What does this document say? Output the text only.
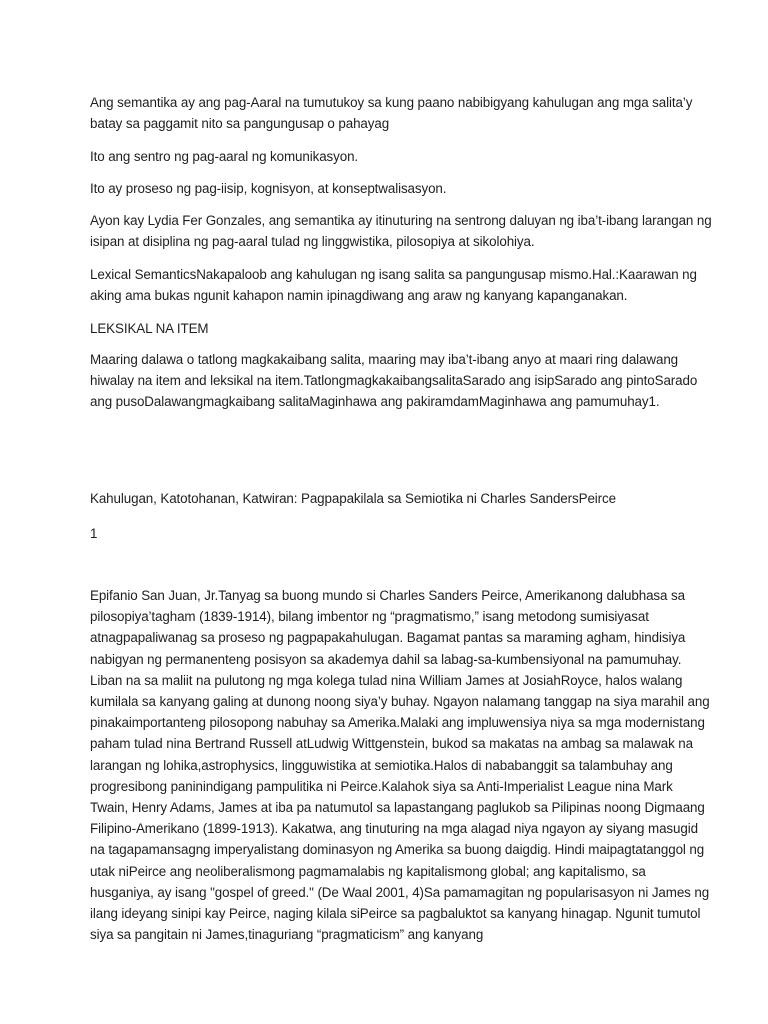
Ang semantika ay ang pag-Aaral na tumutukoy sa kung paano nabibigyang kahulugan ang mga salita’y batay sa paggamit nito sa pangungusap o pahayag

Ito ang sentro ng pag-aaral ng komunikasyon.

Ito ay proseso ng pag-iisip, kognisyon, at konseptwalisasyon.

Ayon kay Lydia Fer Gonzales, ang semantika ay itinuturing na sentrong daluyan ng iba’t-ibang larangan ng isipan at disiplina ng pag-aaral tulad ng linggwistika, pilosopiya at sikolohiya.

Lexical SemanticsNakapaloob ang kahulugan ng isang salita sa pangungusap mismo.Hal.:Kaarawan ng aking ama bukas ngunit kahapon namin ipinagdiwang ang araw ng kanyang kapanganakan.

LEKSIKAL NA ITEM

Maaring dalawa o tatlong magkakaibang salita, maaring may iba’t-ibang anyo at maari ring dalawang hiwalay na item and leksikal na item.TatlongmagkakaibangsalitaSarado ang isipSarado ang pintoSarado ang pusoDalawangmagkaibang salitaMaginhawa ang pakiramdamMaginhawa ang pamumuhay1.

Kahulugan, Katotohanan, Katwiran: Pagpapakilala sa Semiotika ni Charles SandersPeirce

1

Epifanio San Juan, Jr.Tanyag sa buong mundo si Charles Sanders Peirce, Amerikanong dalubhasa sa pilosopiya’tagham (1839-1914), bilang imbentor ng “pragmatismo,” isang metodong sumisiyasat atnagpapaliwanag sa proseso ng pagpapakahulugan. Bagamat pantas sa maraming agham, hindisiya nabigyan ng permanenteng posisyon sa akademya dahil sa labag-sa-kumbensiyonal na pamumuhay. Liban na sa maliit na pulutong ng mga kolega tulad nina William James at JosiahRoyce, halos walang kumilala sa kanyang galing at dunong noong siya’y buhay. Ngayon nalamang tanggap na siya marahil ang pinakaimportanteng pilosopong nabuhay sa Amerika.Malaki ang impluwensiya niya sa mga modernistang paham tulad nina Bertrand Russell atLudwig Wittgenstein, bukod sa makatas na ambag sa malawak na larangan ng lohika,astrophysics, lingguwistika at semiotika.Halos di nababanggit sa talambuhay ang progresibong paninindigang pampulitika ni Peirce.Kalahok siya sa Anti-Imperialist League nina Mark Twain, Henry Adams, James at iba pa natumutol sa lapastangang paglukob sa Pilipinas noong Digmaang Filipino-Amerikano (1899-1913). Kakatwa, ang tinuturing na mga alagad niya ngayon ay siyang masugid na tagapamansagng imperyalistang dominasyon ng Amerika sa buong daigdig. Hindi maipagtatanggol ng utak niPeirce ang neoliberalismong pagmamalabis ng kapitalismong global; ang kapitalismo, sa husganiya, ay isang "gospel of greed." (De Waal 2001, 4)Sa pamamagitan ng popularisasyon ni James ng ilang ideyang sinipi kay Peirce, naging kilala siPeirce sa pagbaluktot sa kanyang hinagap. Ngunit tumutol siya sa pangitain ni James,tinaguriang “pragmaticism” ang kanyang
